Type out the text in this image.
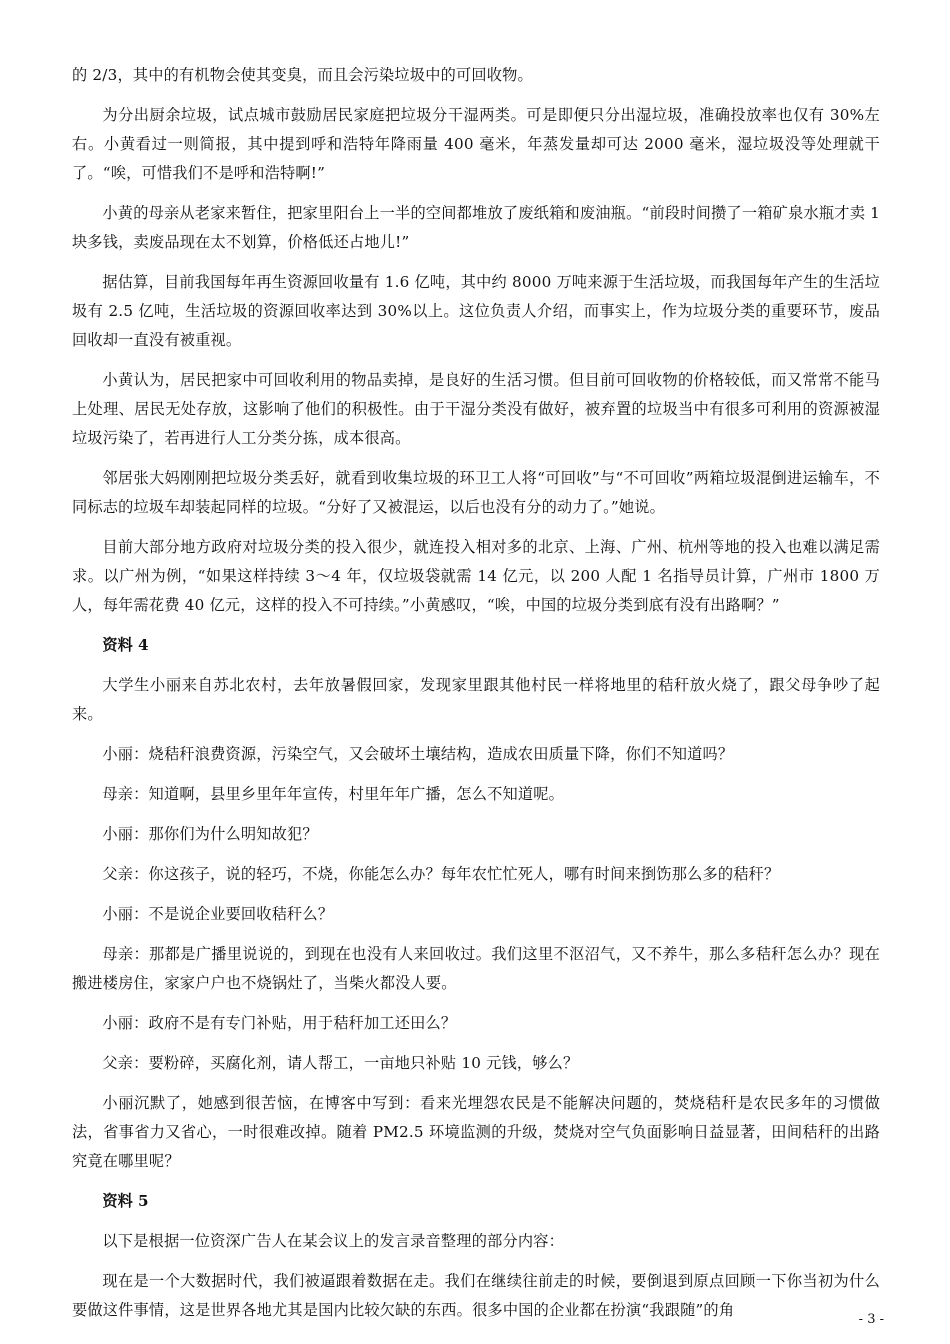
的 2/3，其中的有机物会使其变臭，而且会污染垃圾中的可回收物。

为分出厨余垃圾，试点城市鼓励居民家庭把垃圾分干湿两类。可是即便只分出湿垃圾，准确投放率也仅有 30%左右。小黄看过一则简报，其中提到呼和浩特年降雨量 400 毫米，年蒸发量却可达 2000 毫米，湿垃圾没等处理就干了。“唉，可惜我们不是呼和浩特啊!”

小黄的母亲从老家来暂住，把家里阳台上一半的空间都堆放了废纸箱和废油瓶。“前段时间攒了一箱矿泉水瓶才卖 1 块多钱，卖废品现在太不划算，价格低还占地儿!”

据估算，目前我国每年再生资源回收量有 1.6 亿吨，其中约 8000 万吨来源于生活垃圾，而我国每年产生的生活垃圾有 2.5 亿吨，生活垃圾的资源回收率达到 30%以上。这位负责人介绍，而事实上，作为垃圾分类的重要环节，废品回收却一直没有被重视。

小黄认为，居民把家中可回收利用的物品卖掉，是良好的生活习惯。但目前可回收物的价格较低，而又常常不能马上处理、居民无处存放，这影响了他们的积极性。由于干湿分类没有做好，被弃置的垃圾当中有很多可利用的资源被湿垃圾污染了，若再进行人工分类分拣，成本很高。

邻居张大妈刚刚把垃圾分类丢好，就看到收集垃圾的环卫工人将“可回收”与“不可回收”两箱垃圾混倒进运输车，不同标志的垃圾车却装起同样的垃圾。“分好了又被混运，以后也没有分的动力了。”她说。

目前大部分地方政府对垃圾分类的投入很少，就连投入相对多的北京、上海、广州、杭州等地的投入也难以满足需求。以广州为例，“如果这样持续 3～4 年，仅垃圾袋就需 14 亿元，以 200 人配 1 名指导员计算，广州市 1800 万人，每年需花费 40 亿元，这样的投入不可持续。”小黄感叹，“唉，中国的垃圾分类到底有没有出路啊？”

资料 4

大学生小丽来自苏北农村，去年放暑假回家，发现家里跟其他村民一样将地里的秸秆放火烧了，跟父母争吵了起来。

小丽：烧秸秆浪费资源，污染空气，又会破坏土壤结构，造成农田质量下降，你们不知道吗？

母亲：知道啊，县里乡里年年宣传，村里年年广播，怎么不知道呢。

小丽：那你们为什么明知故犯？

父亲：你这孩子，说的轻巧，不烧，你能怎么办？每年农忙忙死人，哪有时间来捯饬那么多的秸秆？

小丽：不是说企业要回收秸秆么？

母亲：那都是广播里说说的，到现在也没有人来回收过。我们这里不沤沼气，又不养牛，那么多秸秆怎么办？现在搬进楼房住，家家户户也不烧锅灶了，当柴火都没人要。

小丽：政府不是有专门补贴，用于秸秆加工还田么？

父亲：要粉碎，买腐化剂，请人帮工，一亩地只补贴 10 元钱，够么？

小丽沉默了，她感到很苦恼，在博客中写到：看来光埋怨农民是不能解决问题的，焚烧秸秆是农民多年的习惯做法，省事省力又省心，一时很难改掉。随着 PM2.5 环境监测的升级，焚烧对空气负面影响日益显著，田间秸秆的出路究竟在哪里呢？

资料 5

以下是根据一位资深广告人在某会议上的发言录音整理的部分内容：

现在是一个大数据时代，我们被逼跟着数据在走。我们在继续往前走的时候，要倒退到原点回顾一下你当初为什么要做这件事情，这是世界各地尤其是国内比较欠缺的东西。很多中国的企业都在扮演“我跟随”的角

- 3 -
